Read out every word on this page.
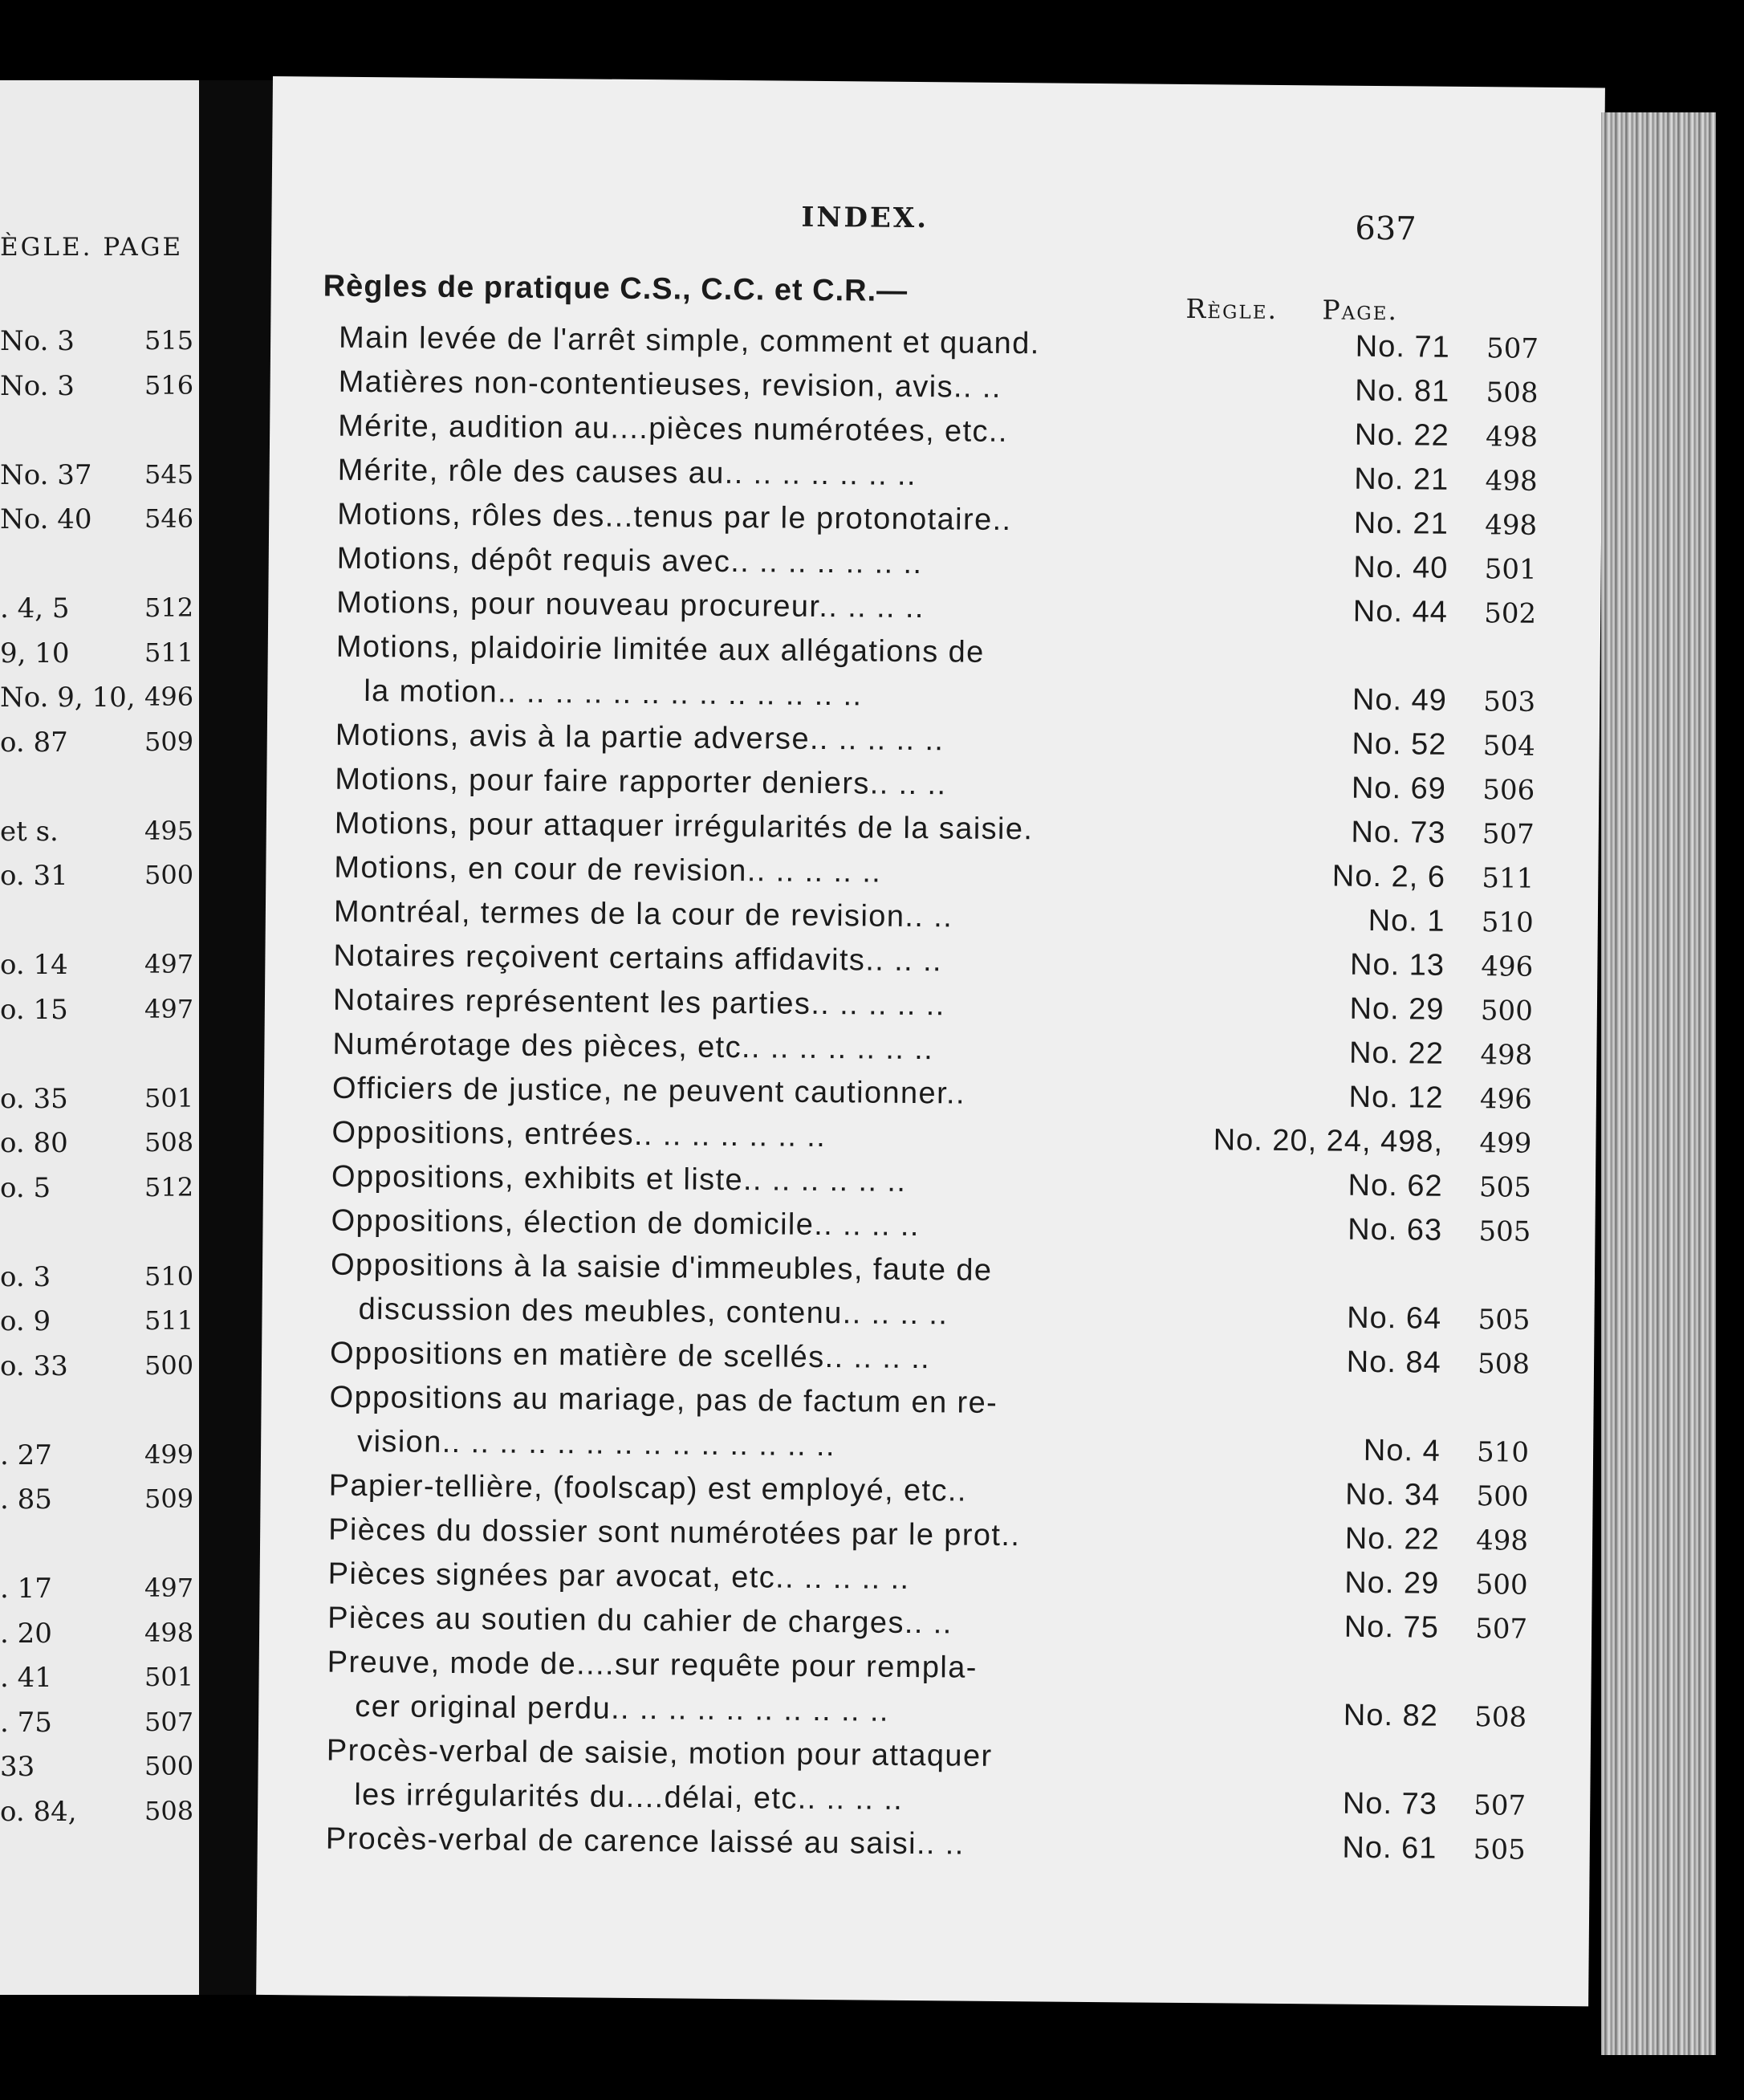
ÈGLE. PAGE
No. 3	515
No. 3	516
No. 37 545
No. 40 546
. 4, 5	512
9, 10	511
No. 9, 10, 496
o. 87	509
et s.	495
o. 31	500
o. 14	497
o. 15	497
o. 35	501
o. 80	508
o. 5	512
o. 3	510
o. 9	511
o. 33	500
. 27	499
. 85	509
. 17	497
. 20	498
. 41	501
. 75	507
33	500
o. 84,	508
INDEX.	637
Règles de pratique C.S., C.C. et C.R.—
Règle. Page.
Main levée de l'arrêt simple, comment et quand.	No. 71 507
Matières non-contentieuses, revision, avis.. ..	No. 81 508
Mérite, audition au....pièces numérotées, etc..	No. 22 498
Mérite, rôle des causes au.. .. .. .. .. .. ..	No. 21 498
Motions, rôles des...tenus par le protonotaire..	No. 21 498
Motions, dépôt requis avec.. .. .. .. .. .. ..	No. 40 501
Motions, pour nouveau procureur.. .. .. ..	No. 44 502
Motions, plaidoirie limitée aux allégations de
la motion.. .. .. .. .. .. .. .. .. .. .. .. ..	No. 49 503
Motions, avis à la partie adverse.. .. .. .. ..	No. 52 504
Motions, pour faire rapporter deniers.. .. ..	No. 69 506
Motions, pour attaquer irrégularités de la saisie.	No. 73 507
Motions, en cour de revision.. .. .. .. ..	No. 2, 6 511
Montréal, termes de la cour de revision.. ..	No. 1 510
Notaires reçoivent certains affidavits.. .. ..	No. 13 496
Notaires représentent les parties.. .. .. .. ..	No. 29 500
Numérotage des pièces, etc.. .. .. .. .. .. ..	No. 22 498
Officiers de justice, ne peuvent cautionner..	No. 12 496
Oppositions, entrées.. .. .. .. .. .. ..	No. 20, 24, 498, 499
Oppositions, exhibits et liste.. .. .. .. .. ..	No. 62 505
Oppositions, élection de domicile.. .. .. ..	No. 63 505
Oppositions à la saisie d'immeubles, faute de
discussion des meubles, contenu.. .. .. ..	No. 64 505
Oppositions en matière de scellés.. .. .. ..	No. 84 508
Oppositions au mariage, pas de factum en re-
vision.. .. .. .. .. .. .. .. .. .. .. .. .. ..	No. 4 510
Papier-tellière, (foolscap) est employé, etc..	No. 34 500
Pièces du dossier sont numérotées par le prot..	No. 22 498
Pièces signées par avocat, etc.. .. .. .. ..	No. 29 500
Pièces au soutien du cahier de charges.. ..	No. 75 507
Preuve, mode de....sur requête pour rempla-
cer original perdu.. .. .. .. .. .. .. .. .. ..	No. 82 508
Procès-verbal de saisie, motion pour attaquer
les irrégularités du....délai, etc.. .. .. ..	No. 73 507
Procès-verbal de carence laissé au saisi.. ..	No. 61 505
